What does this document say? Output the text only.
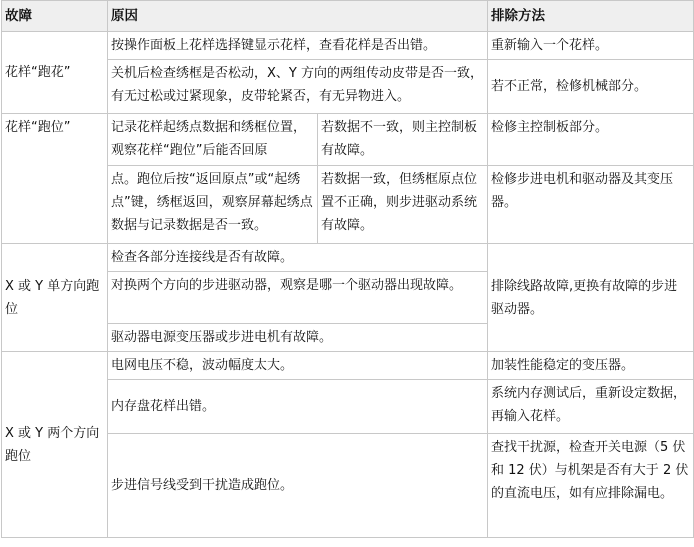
故障	原因		排除方法
花样“跑花”	按操作面板上花样选择键显示花样，查看花样是否出错。		重新输入一个花样。
	关机后检查绣框是否松动，X、Y 方向的两组传动皮带是否一致，有无过松或过紧现象，皮带轮紧否，有无异物进入。		若不正常，检修机械部分。
花样“跑位”	记录花样起绣点数据和绣框位置，观察花样“跑位”后能否回原	若数据不一致，则主控制板有故障。	检修主控制板部分。
	点。跑位后按“返回原点”或“起绣点”键，绣框返回，观察屏幕起绣点数据与记录数据是否一致。	若数据一致，但绣框原点位置不正确，则步进驱动系统有故障。	检修步进电机和驱动器及其变压器。
X 或 Y 单方向跑位	检查各部分连接线是否有故障。		排除线路故障,更换有故障的步进驱动器。
	对换两个方向的步进驱动器，观察是哪一个驱动器出现故障。		
	驱动器电源变压器或步进电机有故障。		
X 或 Y 两个方向跑位	电网电压不稳，波动幅度太大。		加装性能稳定的变压器。
	内存盘花样出错。		系统内存测试后，重新设定数据，再输入花样。
	步进信号线受到干扰造成跑位。		查找干扰源，检查开关电源（5 伏和 12 伏）与机架是否有大于 2 伏的直流电压，如有应排除漏电。
